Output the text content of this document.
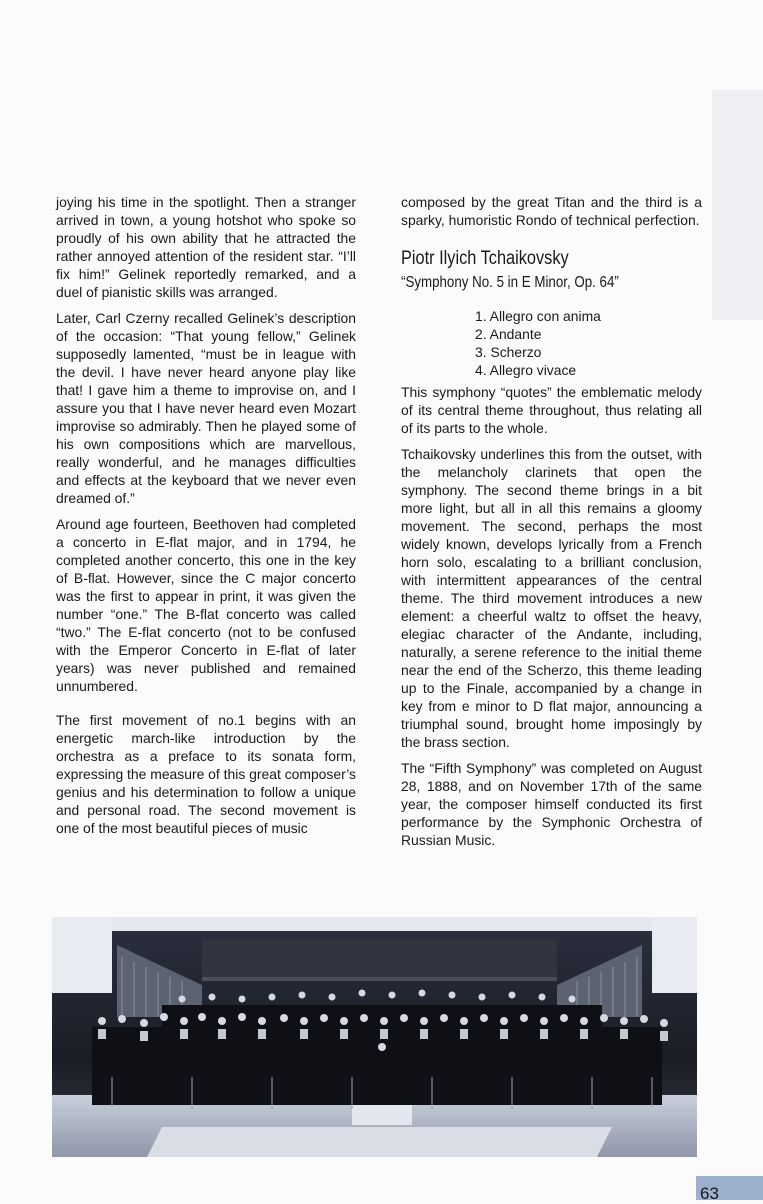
joying his time in the spotlight. Then a stranger arrived in town, a young hotshot who spoke so proudly of his own ability that he attracted the rather annoyed attention of the resident star. “I’ll fix him!” Gelinek reportedly remarked, and a duel of pianistic skills was arranged.

Later, Carl Czerny recalled Gelinek’s description of the occasion: “That young fellow,” Gelinek supposedly lamented, “must be in league with the devil. I have never heard anyone play like that! I gave him a theme to improvise on, and I assure you that I have never heard even Mozart improvise so admirably. Then he played some of his own compositions which are marvellous, really wonderful, and he manages difficulties and effects at the keyboard that we never even dreamed of.”

Around age fourteen, Beethoven had completed a concerto in E-flat major, and in 1794, he completed another concerto, this one in the key of B-flat. However, since the C major concerto was the first to appear in print, it was given the number “one.” The B-flat concerto was called “two.” The E-flat concerto (not to be confused with the Emperor Concerto in E-flat of later years) was never published and remained unnumbered.

The first movement of no.1 begins with an energetic march-like introduction by the orchestra as a preface to its sonata form, expressing the measure of this great composer’s genius and his determination to follow a unique and personal road. The second movement is one of the most beautiful pieces of music

composed by the great Titan and the third is a sparky, humoristic Rondo of technical perfection.

Piotr Ilyich Tchaikovsky
“Symphony No. 5 in E Minor, Op. 64”
1. Allegro con anima
2. Andante
3. Scherzo
4. Allegro vivace

This symphony “quotes” the emblematic melody of its central theme throughout, thus relating all of its parts to the whole.

Tchaikovsky underlines this from the outset, with the melancholy clarinets that open the symphony. The second theme brings in a bit more light, but all in all this remains a gloomy movement. The second, perhaps the most widely known, develops lyrically from a French horn solo, escalating to a brilliant conclusion, with intermittent appearances of the central theme. The third movement introduces a new element: a cheerful waltz to offset the heavy, elegiac character of the Andante, including, naturally, a serene reference to the initial theme near the end of the Scherzo, this theme leading up to the Finale, accompanied by a change in key from e minor to D flat major, announcing a triumphal sound, brought home imposingly by the brass section.

The “Fifth Symphony” was completed on August 28, 1888, and on November 17th of the same year, the composer himself conducted its first performance by the Symphonic Orchestra of Russian Music.

63
